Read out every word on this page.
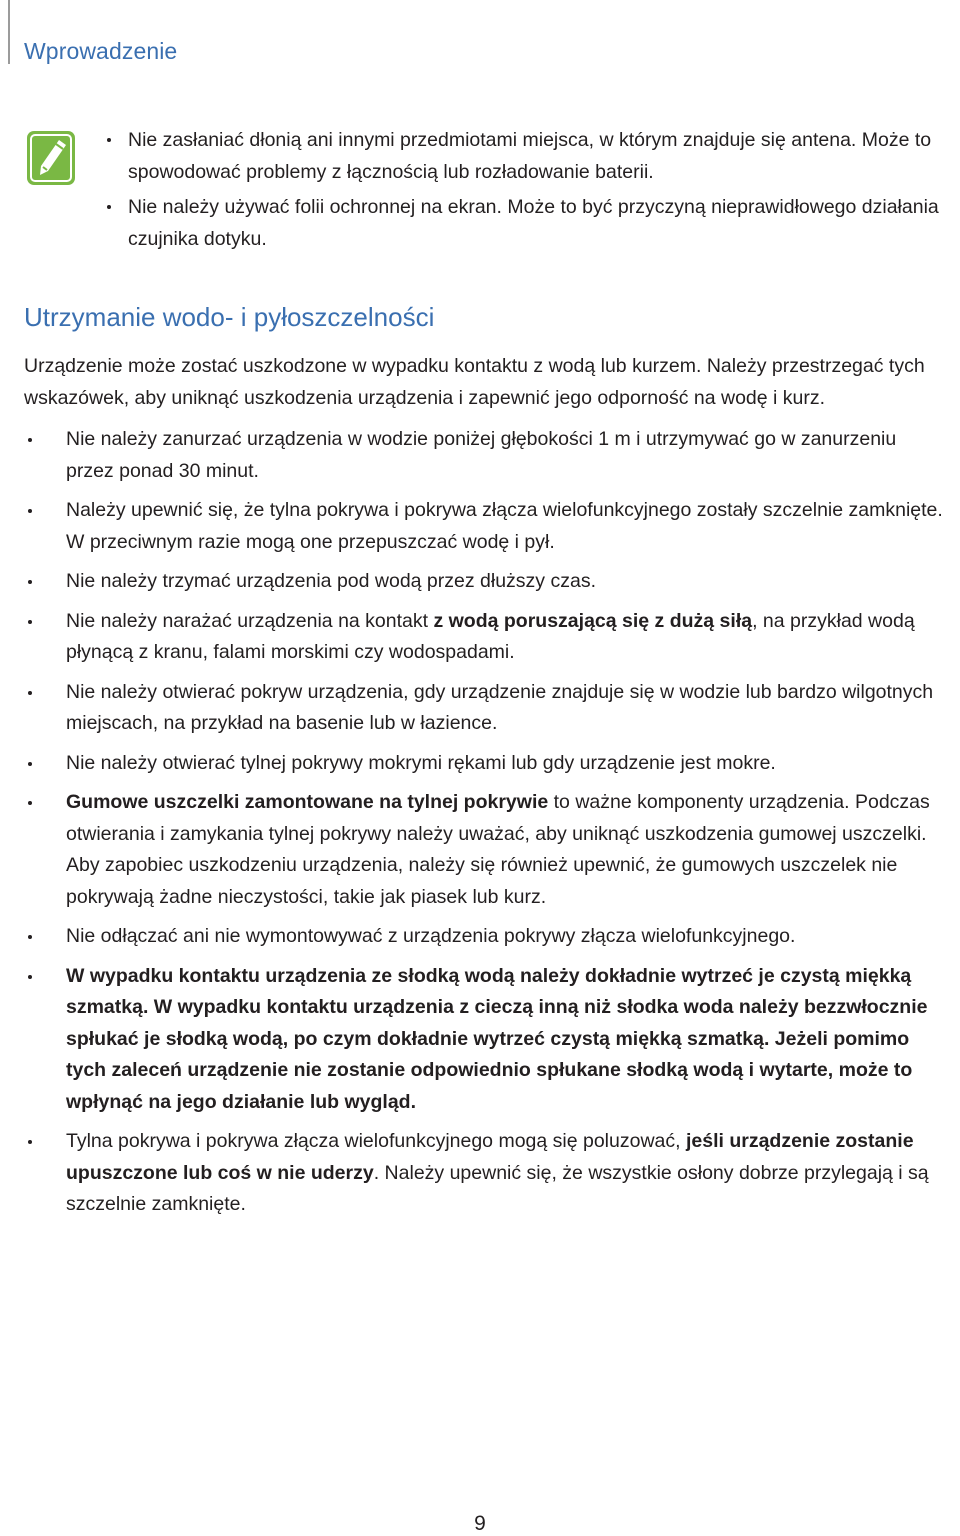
Wprowadzenie
Nie zasłaniać dłonią ani innymi przedmiotami miejsca, w którym znajduje się antena. Może to spowodować problemy z łącznością lub rozładowanie baterii.
Nie należy używać folii ochronnej na ekran. Może to być przyczyną nieprawidłowego działania czujnika dotyku.
Utrzymanie wodo- i pyłoszczelności

Urządzenie może zostać uszkodzone w wypadku kontaktu z wodą lub kurzem. Należy przestrzegać tych wskazówek, aby uniknąć uszkodzenia urządzenia i zapewnić jego odporność na wodę i kurz.

Nie należy zanurzać urządzenia w wodzie poniżej głębokości 1 m i utrzymywać go w zanurzeniu przez ponad 30 minut.
Należy upewnić się, że tylna pokrywa i pokrywa złącza wielofunkcyjnego zostały szczelnie zamknięte. W przeciwnym razie mogą one przepuszczać wodę i pył.
Nie należy trzymać urządzenia pod wodą przez dłuższy czas.
Nie należy narażać urządzenia na kontakt z wodą poruszającą się z dużą siłą, na przykład wodą płynącą z kranu, falami morskimi czy wodospadami.
Nie należy otwierać pokryw urządzenia, gdy urządzenie znajduje się w wodzie lub bardzo wilgotnych miejscach, na przykład na basenie lub w łazience.
Nie należy otwierać tylnej pokrywy mokrymi rękami lub gdy urządzenie jest mokre.
Gumowe uszczelki zamontowane na tylnej pokrywie to ważne komponenty urządzenia. Podczas otwierania i zamykania tylnej pokrywy należy uważać, aby uniknąć uszkodzenia gumowej uszczelki. Aby zapobiec uszkodzeniu urządzenia, należy się również upewnić, że gumowych uszczelek nie pokrywają żadne nieczystości, takie jak piasek lub kurz.
Nie odłączać ani nie wymontowywać z urządzenia pokrywy złącza wielofunkcyjnego.
W wypadku kontaktu urządzenia ze słodką wodą należy dokładnie wytrzeć je czystą miękką szmatką. W wypadku kontaktu urządzenia z cieczą inną niż słodka woda należy bezzwłocznie spłukać je słodką wodą, po czym dokładnie wytrzeć czystą miękką szmatką. Jeżeli pomimo tych zaleceń urządzenie nie zostanie odpowiednio spłukane słodką wodą i wytarte, może to wpłynąć na jego działanie lub wygląd.
Tylna pokrywa i pokrywa złącza wielofunkcyjnego mogą się poluzować, jeśli urządzenie zostanie upuszczone lub coś w nie uderzy. Należy upewnić się, że wszystkie osłony dobrze przylegają i są szczelnie zamknięte.
9
